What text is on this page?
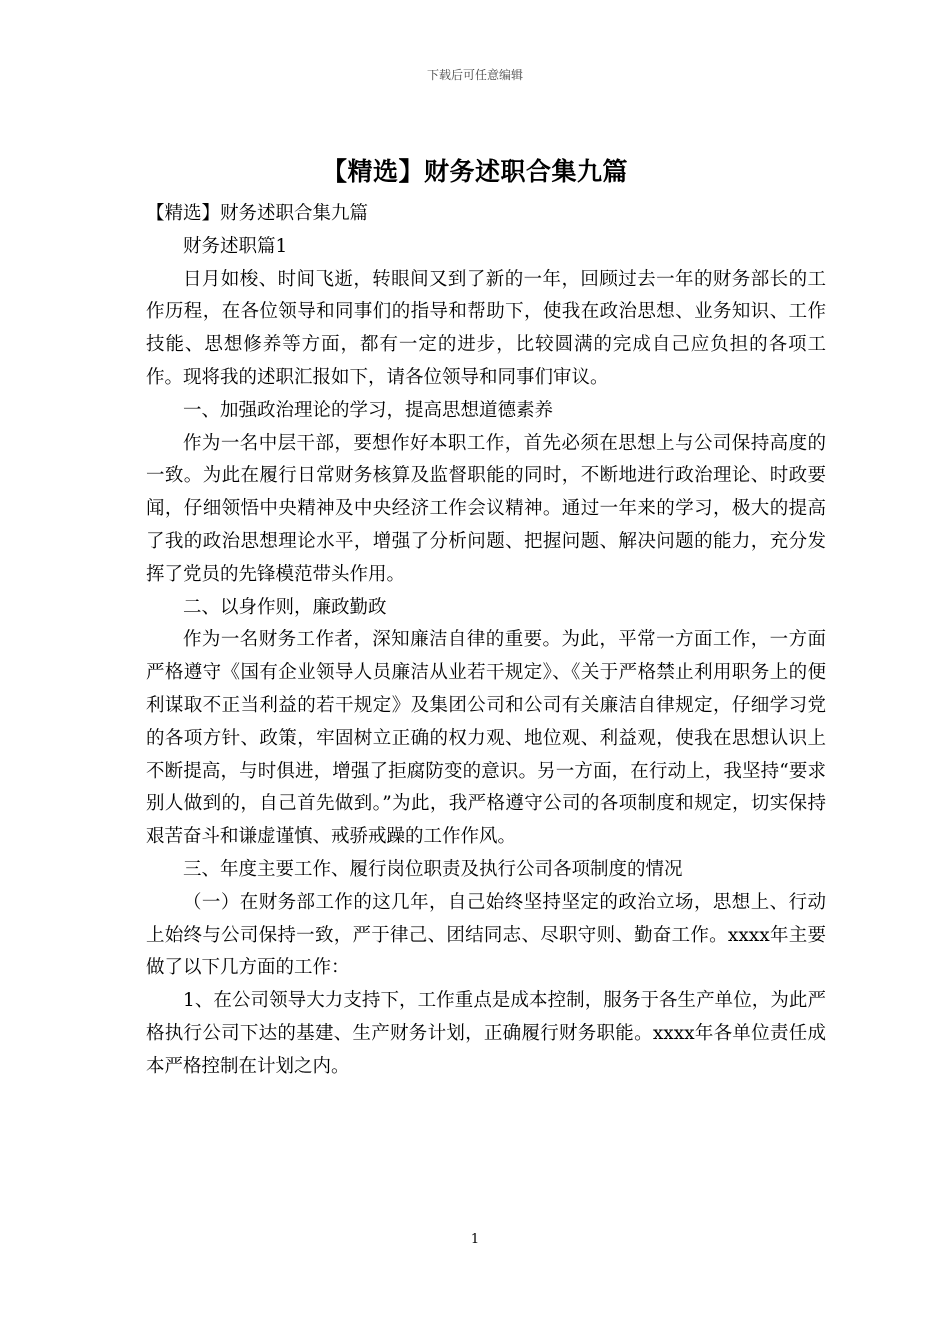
下载后可任意编辑
【精选】财务述职合集九篇

【精选】财务述职合集九篇

财务述职篇1

日月如梭、时间飞逝，转眼间又到了新的一年，回顾过去一年的财务部长的工作历程，在各位领导和同事们的指导和帮助下，使我在政治思想、业务知识、工作技能、思想修养等方面，都有一定的进步，比较圆满的完成自己应负担的各项工作。现将我的述职汇报如下，请各位领导和同事们审议。

一、加强政治理论的学习，提高思想道德素养

作为一名中层干部，要想作好本职工作，首先必须在思想上与公司保持高度的一致。为此在履行日常财务核算及监督职能的同时，不断地进行政治理论、时政要闻，仔细领悟中央精神及中央经济工作会议精神。通过一年来的学习，极大的提高了我的政治思想理论水平，增强了分析问题、把握问题、解决问题的能力，充分发挥了党员的先锋模范带头作用。

二、以身作则，廉政勤政

作为一名财务工作者，深知廉洁自律的重要。为此，平常一方面工作，一方面严格遵守《国有企业领导人员廉洁从业若干规定》、《关于严格禁止利用职务上的便利谋取不正当利益的若干规定》及集团公司和公司有关廉洁自律规定，仔细学习党的各项方针、政策，牢固树立正确的权力观、地位观、利益观，使我在思想认识上不断提高，与时俱进，增强了拒腐防变的意识。另一方面，在行动上，我坚持“要求别人做到的，自己首先做到。”为此，我严格遵守公司的各项制度和规定，切实保持艰苦奋斗和谦虚谨慎、戒骄戒躁的工作作风。

三、年度主要工作、履行岗位职责及执行公司各项制度的情况

（一）在财务部工作的这几年，自己始终坚持坚定的政治立场，思想上、行动上始终与公司保持一致，严于律己、团结同志、尽职守则、勤奋工作。xxxx年主要做了以下几方面的工作：

1、在公司领导大力支持下，工作重点是成本控制，服务于各生产单位，为此严格执行公司下达的基建、生产财务计划，正确履行财务职能。xxxx年各单位责任成本严格控制在计划之内。

1
